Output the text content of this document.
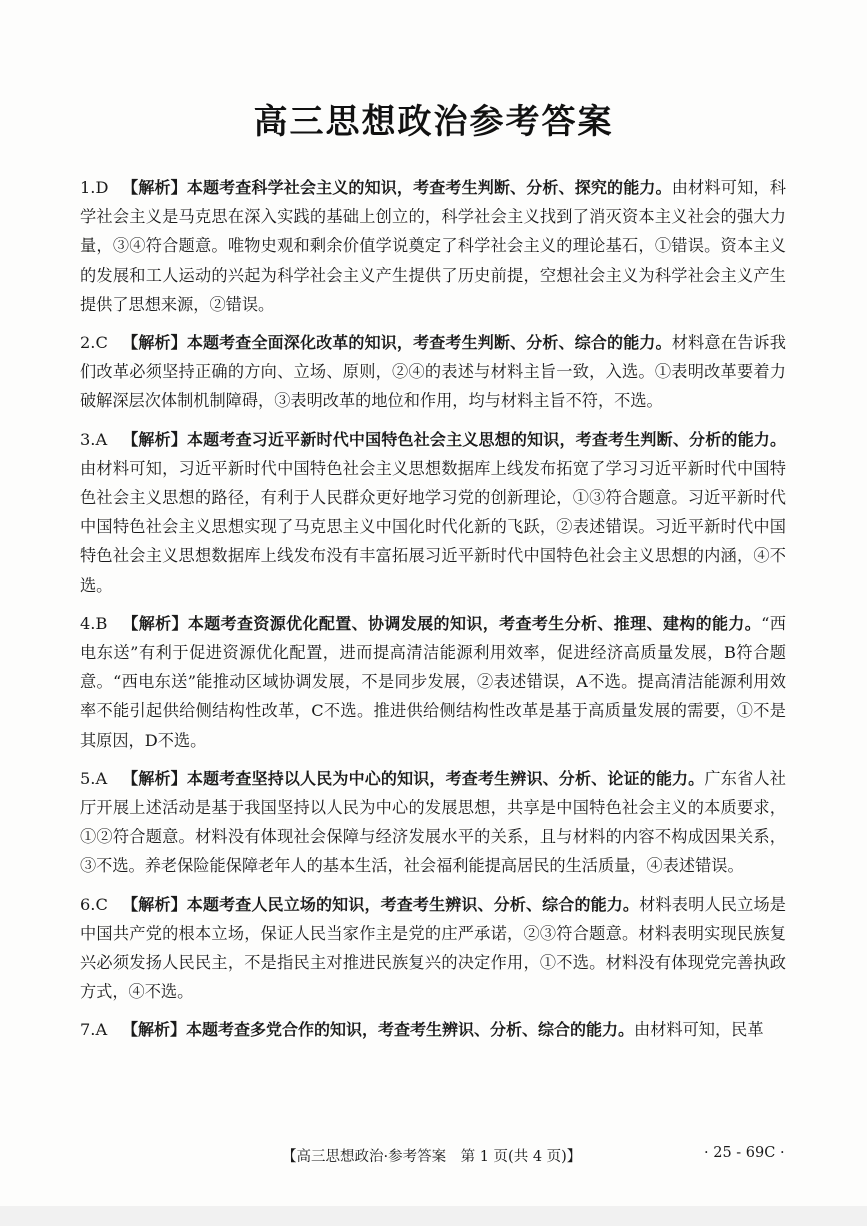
高三思想政治参考答案
1.D 【解析】本题考查科学社会主义的知识，考查考生判断、分析、探究的能力。由材料可知，科学社会主义是马克思在深入实践的基础上创立的，科学社会主义找到了消灭资本主义社会的强大力量，③④符合题意。唯物史观和剩余价值学说奠定了科学社会主义的理论基石，①错误。资本主义的发展和工人运动的兴起为科学社会主义产生提供了历史前提，空想社会主义为科学社会主义产生提供了思想来源，②错误。
2.C 【解析】本题考查全面深化改革的知识，考查考生判断、分析、综合的能力。材料意在告诉我们改革必须坚持正确的方向、立场、原则，②④的表述与材料主旨一致，入选。①表明改革要着力破解深层次体制机制障碍，③表明改革的地位和作用，均与材料主旨不符，不选。
3.A 【解析】本题考查习近平新时代中国特色社会主义思想的知识，考查考生判断、分析的能力。由材料可知，习近平新时代中国特色社会主义思想数据库上线发布拓宽了学习习近平新时代中国特色社会主义思想的路径，有利于人民群众更好地学习党的创新理论，①③符合题意。习近平新时代中国特色社会主义思想实现了马克思主义中国化时代化新的飞跃，②表述错误。习近平新时代中国特色社会主义思想数据库上线发布没有丰富拓展习近平新时代中国特色社会主义思想的内涵，④不选。
4.B 【解析】本题考查资源优化配置、协调发展的知识，考查考生分析、推理、建构的能力。“西电东送”有利于促进资源优化配置，进而提高清洁能源利用效率，促进经济高质量发展，B符合题意。“西电东送”能推动区域协调发展，不是同步发展，②表述错误，A不选。提高清洁能源利用效率不能引起供给侧结构性改革，C不选。推进供给侧结构性改革是基于高质量发展的需要，①不是其原因，D不选。
5.A 【解析】本题考查坚持以人民为中心的知识，考查考生辨识、分析、论证的能力。广东省人社厅开展上述活动是基于我国坚持以人民为中心的发展思想，共享是中国特色社会主义的本质要求，①②符合题意。材料没有体现社会保障与经济发展水平的关系，且与材料的内容不构成因果关系，③不选。养老保险能保障老年人的基本生活，社会福利能提高居民的生活质量，④表述错误。
6.C 【解析】本题考查人民立场的知识，考查考生辨识、分析、综合的能力。材料表明人民立场是中国共产党的根本立场，保证人民当家作主是党的庄严承诺，②③符合题意。材料表明实现民族复兴必须发扬人民民主，不是指民主对推进民族复兴的决定作用，①不选。材料没有体现党完善执政方式，④不选。
7.A 【解析】本题考查多党合作的知识，考查考生辨识、分析、综合的能力。由材料可知，民革
【高三思想政治·参考答案　第 1 页(共 4 页)】	· 25 - 69C ·
